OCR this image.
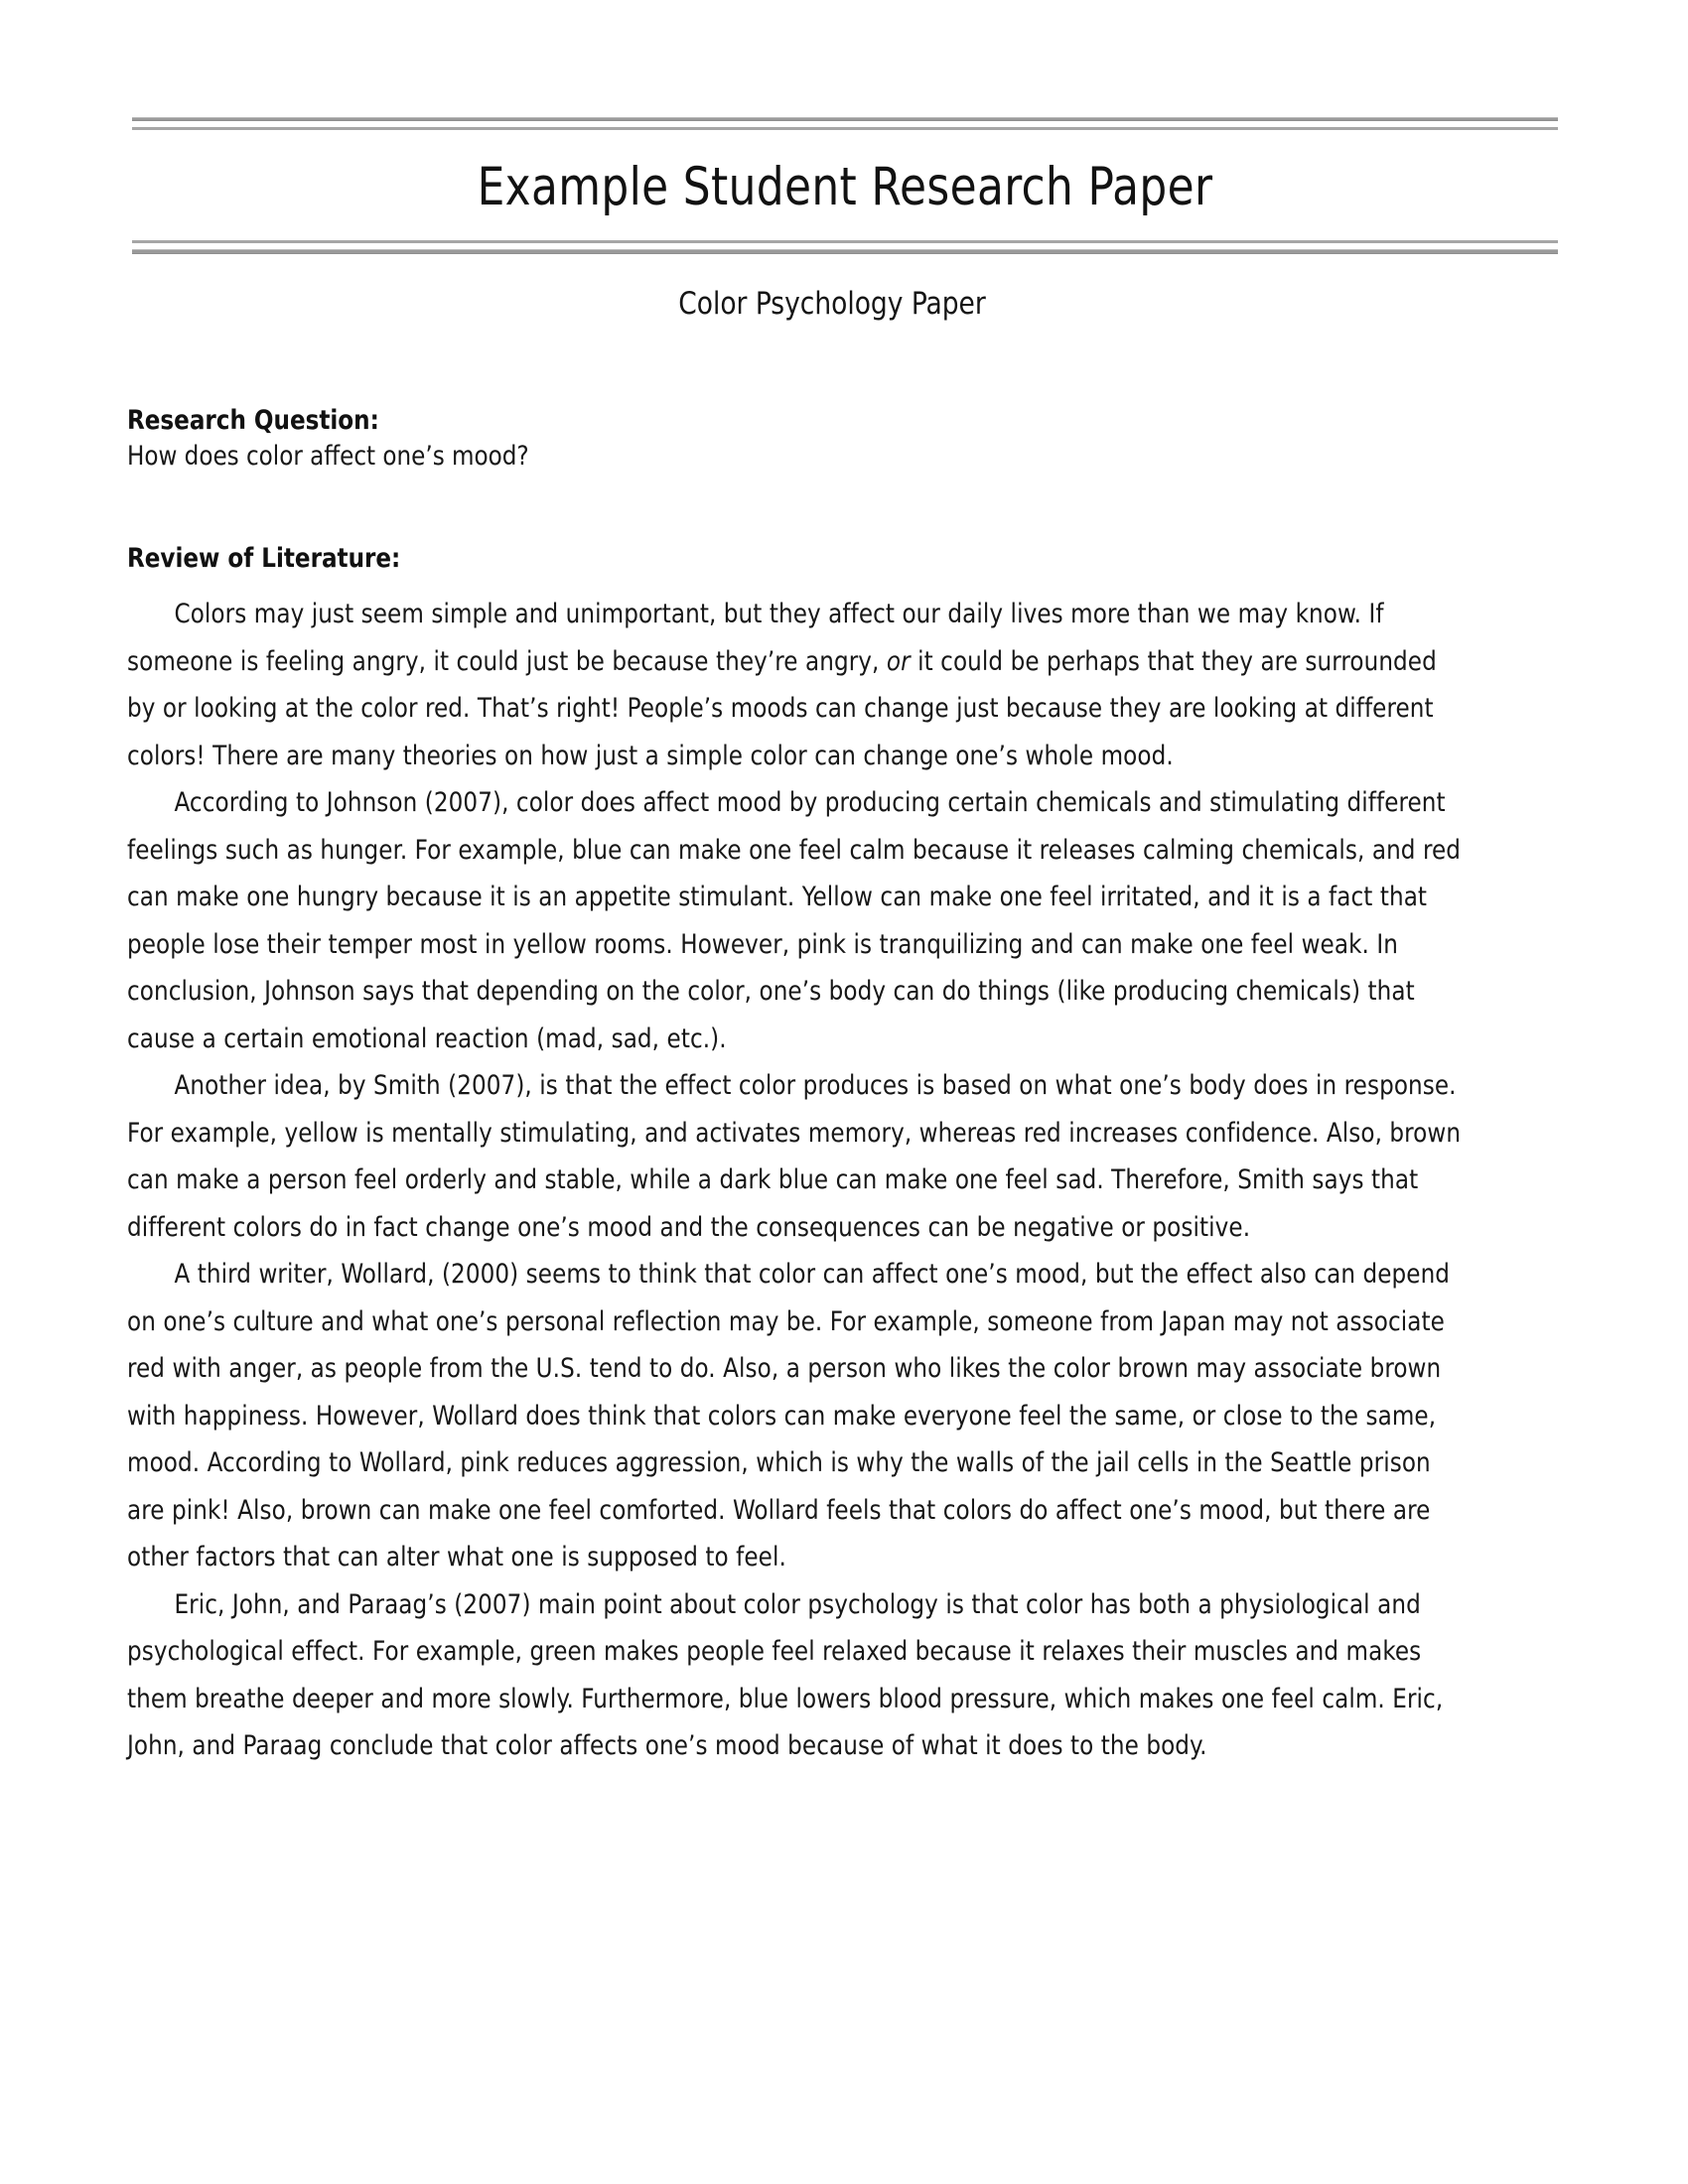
Example Student Research Paper
Color Psychology Paper
Research Question:
How does color affect one’s mood?
Review of Literature:

Colors may just seem simple and unimportant, but they affect our daily lives more than we may know. If someone is feeling angry, it could just be because they’re angry, or it could be perhaps that they are surrounded by or looking at the color red. That’s right! People’s moods can change just because they are looking at different colors! There are many theories on how just a simple color can change one’s whole mood.

According to Johnson (2007), color does affect mood by producing certain chemicals and stimulating different feelings such as hunger. For example, blue can make one feel calm because it releases calming chemicals, and red can make one hungry because it is an appetite stimulant. Yellow can make one feel irritated, and it is a fact that people lose their temper most in yellow rooms. However, pink is tranquilizing and can make one feel weak. In conclusion, Johnson says that depending on the color, one’s body can do things (like producing chemicals) that cause a certain emotional reaction (mad, sad, etc.).

Another idea, by Smith (2007), is that the effect color produces is based on what one’s body does in response. For example, yellow is mentally stimulating, and activates memory, whereas red increases confidence. Also, brown can make a person feel orderly and stable, while a dark blue can make one feel sad. Therefore, Smith says that different colors do in fact change one’s mood and the consequences can be negative or positive.

A third writer, Wollard, (2000) seems to think that color can affect one’s mood, but the effect also can depend on one’s culture and what one’s personal reflection may be. For example, someone from Japan may not associate red with anger, as people from the U.S. tend to do. Also, a person who likes the color brown may associate brown with happiness. However, Wollard does think that colors can make everyone feel the same, or close to the same, mood. According to Wollard, pink reduces aggression, which is why the walls of the jail cells in the Seattle prison are pink! Also, brown can make one feel comforted. Wollard feels that colors do affect one’s mood, but there are other factors that can alter what one is supposed to feel.

Eric, John, and Paraag’s (2007) main point about color psychology is that color has both a physiological and psychological effect. For example, green makes people feel relaxed because it relaxes their muscles and makes them breathe deeper and more slowly. Furthermore, blue lowers blood pressure, which makes one feel calm. Eric, John, and Paraag conclude that color affects one’s mood because of what it does to the body.
